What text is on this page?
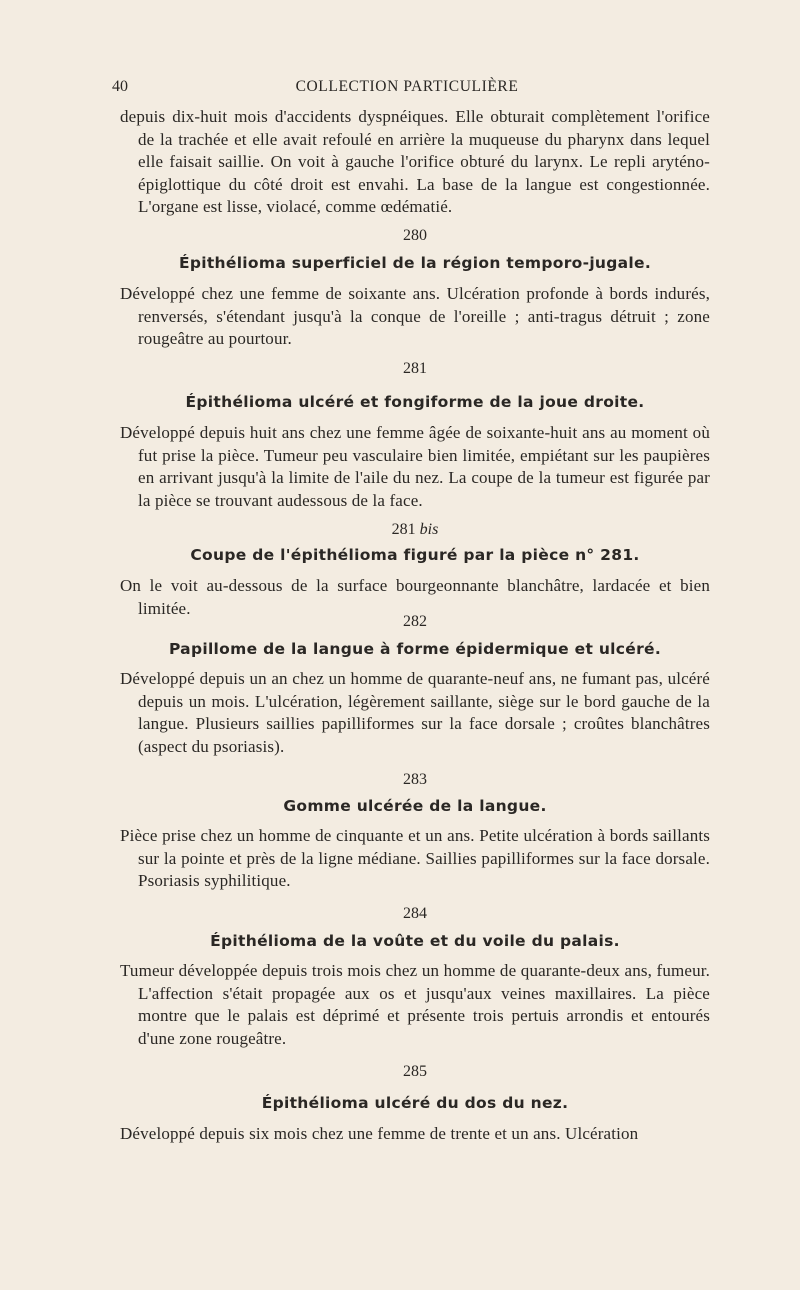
40	COLLECTION PARTICULIÈRE

depuis dix-huit mois d'accidents dyspnéiques. Elle obturait complètement l'orifice de la trachée et elle avait refoulé en arrière la muqueuse du pharynx dans lequel elle faisait saillie. On voit à gauche l'orifice obturé du larynx. Le repli aryténo-épiglottique du côté droit est envahi. La base de la langue est congestionnée. L'organe est lisse, violacé, comme œdématié.

280
Épithélioma superficiel de la région temporo-jugale.

Développé chez une femme de soixante ans. Ulcération profonde à bords indurés, renversés, s'étendant jusqu'à la conque de l'oreille ; anti-tragus détruit ; zone rougeâtre au pourtour.

281
Épithélioma ulcéré et fongiforme de la joue droite.

Développé depuis huit ans chez une femme âgée de soixante-huit ans au moment où fut prise la pièce. Tumeur peu vasculaire bien limitée, empiétant sur les paupières en arrivant jusqu'à la limite de l'aile du nez. La coupe de la tumeur est figurée par la pièce se trouvant audessous de la face.

281 bis
Coupe de l'épithélioma figuré par la pièce n° 281.

On le voit au-dessous de la surface bourgeonnante blanchâtre, lardacée et bien limitée.

282
Papillome de la langue à forme épidermique et ulcéré.

Développé depuis un an chez un homme de quarante-neuf ans, ne fumant pas, ulcéré depuis un mois. L'ulcération, légèrement saillante, siège sur le bord gauche de la langue. Plusieurs saillies papilliformes sur la face dorsale ; croûtes blanchâtres (aspect du psoriasis).

283
Gomme ulcérée de la langue.

Pièce prise chez un homme de cinquante et un ans. Petite ulcération à bords saillants sur la pointe et près de la ligne médiane. Saillies papilliformes sur la face dorsale. Psoriasis syphilitique.

284
Épithélioma de la voûte et du voile du palais.

Tumeur développée depuis trois mois chez un homme de quarante-deux ans, fumeur. L'affection s'était propagée aux os et jusqu'aux veines maxillaires. La pièce montre que le palais est déprimé et présente trois pertuis arrondis et entourés d'une zone rougeâtre.

285
Épithélioma ulcéré du dos du nez.

Développé depuis six mois chez une femme de trente et un ans. Ulcération
